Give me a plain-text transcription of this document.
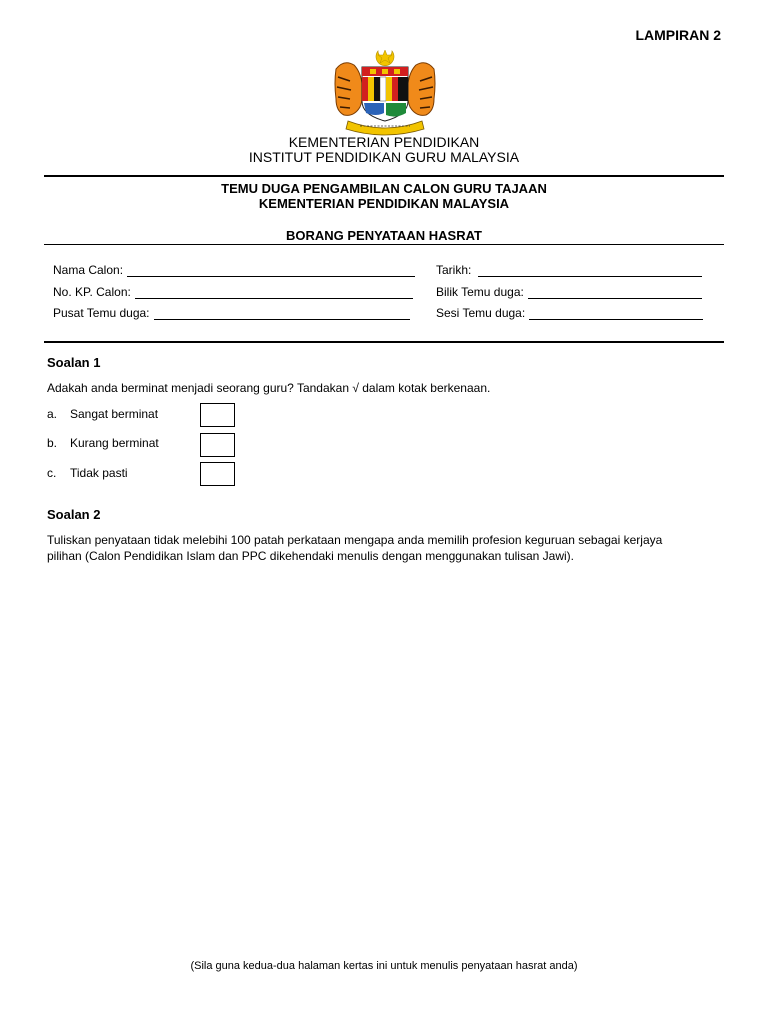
LAMPIRAN 2
KEMENTERIAN PENDIDIKAN
INSTITUT PENDIDIKAN GURU MALAYSIA
TEMU DUGA PENGAMBILAN CALON GURU TAJAAN
KEMENTERIAN PENDIDIKAN MALAYSIA
BORANG PENYATAAN HASRAT
Nama Calon:	Tarikh:
No. KP. Calon:	Bilik Temu duga:
Pusat Temu duga:	Sesi Temu duga:
Soalan 1
Adakah anda berminat menjadi seorang guru? Tandakan √ dalam kotak berkenaan.
a. Sangat berminat
b. Kurang berminat
c. Tidak pasti
Soalan 2
Tuliskan penyataan tidak melebihi 100 patah perkataan mengapa anda memilih profesion keguruan sebagai kerjaya
pilihan (Calon Pendidikan Islam dan PPC dikehendaki menulis dengan menggunakan tulisan Jawi).
(Sila guna kedua-dua halaman kertas ini untuk menulis penyataan hasrat anda)
